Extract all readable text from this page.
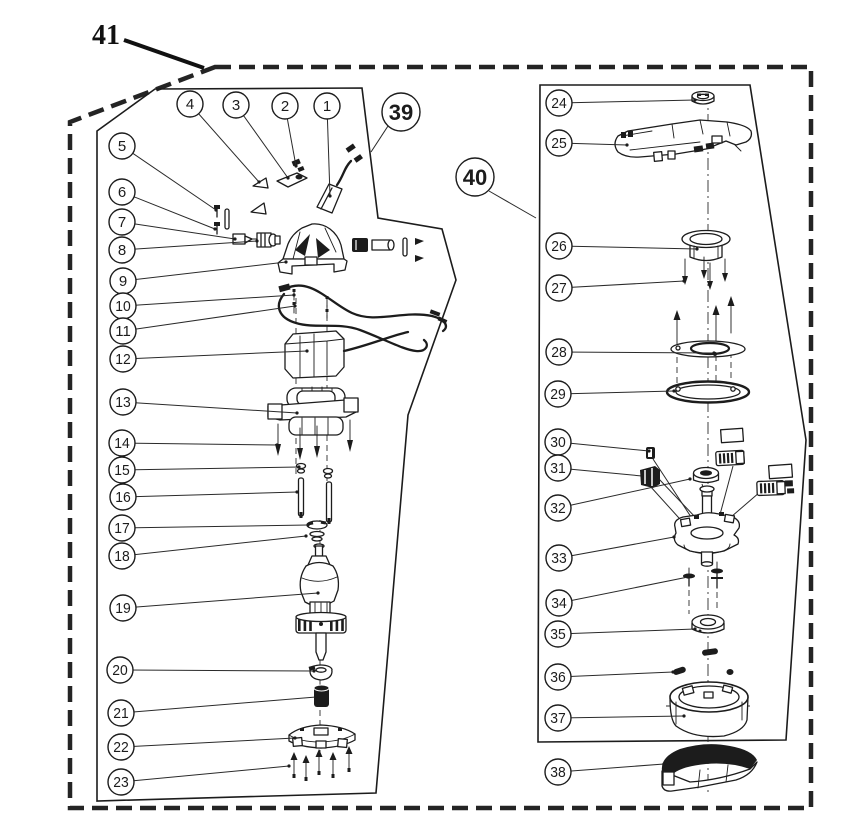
41
1
2
3
4
5
6
7
8
9
10
11
12
13
14
15
16
17
18
19
20
21
22
23
24
25
26
27
28
29
30
31
32
33
34
35
36
37
38
39
40
